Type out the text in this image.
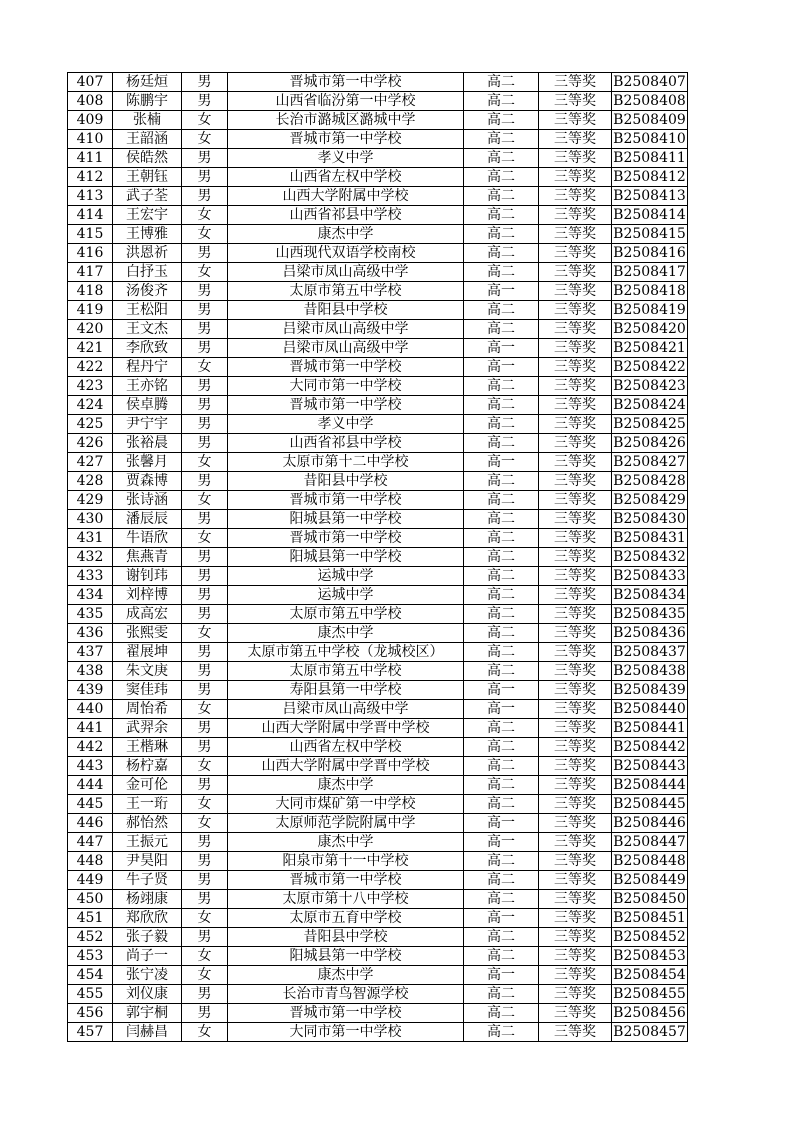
407	杨廷烜	男	晋城市第一中学校	高二	三等奖	B2508407
408	陈鹏宇	男	山西省临汾第一中学校	高二	三等奖	B2508408
409	张楠	女	长治市潞城区潞城中学	高二	三等奖	B2508409
410	王韶涵	女	晋城市第一中学校	高二	三等奖	B2508410
411	侯皓然	男	孝义中学	高二	三等奖	B2508411
412	王朝钰	男	山西省左权中学校	高二	三等奖	B2508412
413	武子荃	男	山西大学附属中学校	高二	三等奖	B2508413
414	王宏宇	女	山西省祁县中学校	高二	三等奖	B2508414
415	王博雅	女	康杰中学	高二	三等奖	B2508415
416	洪恩祈	男	山西现代双语学校南校	高二	三等奖	B2508416
417	白抒玉	女	吕梁市凤山高级中学	高二	三等奖	B2508417
418	汤俊齐	男	太原市第五中学校	高一	三等奖	B2508418
419	王松阳	男	昔阳县中学校	高二	三等奖	B2508419
420	王文杰	男	吕梁市凤山高级中学	高二	三等奖	B2508420
421	李欣致	男	吕梁市凤山高级中学	高一	三等奖	B2508421
422	程丹宁	女	晋城市第一中学校	高一	三等奖	B2508422
423	王亦铭	男	大同市第一中学校	高二	三等奖	B2508423
424	侯卓腾	男	晋城市第一中学校	高二	三等奖	B2508424
425	尹宁宇	男	孝义中学	高二	三等奖	B2508425
426	张裕晨	男	山西省祁县中学校	高二	三等奖	B2508426
427	张馨月	女	太原市第十二中学校	高一	三等奖	B2508427
428	贾森博	男	昔阳县中学校	高二	三等奖	B2508428
429	张诗涵	女	晋城市第一中学校	高二	三等奖	B2508429
430	潘辰辰	男	阳城县第一中学校	高二	三等奖	B2508430
431	牛语欣	女	晋城市第一中学校	高二	三等奖	B2508431
432	焦燕青	男	阳城县第一中学校	高二	三等奖	B2508432
433	谢钊玮	男	运城中学	高二	三等奖	B2508433
434	刘梓博	男	运城中学	高二	三等奖	B2508434
435	成高宏	男	太原市第五中学校	高二	三等奖	B2508435
436	张熙雯	女	康杰中学	高二	三等奖	B2508436
437	翟展坤	男	太原市第五中学校（龙城校区）	高二	三等奖	B2508437
438	朱文庚	男	太原市第五中学校	高二	三等奖	B2508438
439	窦佳玮	男	寿阳县第一中学校	高一	三等奖	B2508439
440	周怡希	女	吕梁市凤山高级中学	高一	三等奖	B2508440
441	武羿余	男	山西大学附属中学晋中学校	高二	三等奖	B2508441
442	王楷琳	男	山西省左权中学校	高二	三等奖	B2508442
443	杨柠嘉	女	山西大学附属中学晋中学校	高二	三等奖	B2508443
444	金可伦	男	康杰中学	高二	三等奖	B2508444
445	王一珩	女	大同市煤矿第一中学校	高二	三等奖	B2508445
446	郝怡然	女	太原师范学院附属中学	高一	三等奖	B2508446
447	王振元	男	康杰中学	高一	三等奖	B2508447
448	尹昊阳	男	阳泉市第十一中学校	高二	三等奖	B2508448
449	牛子贤	男	晋城市第一中学校	高二	三等奖	B2508449
450	杨翊康	男	太原市第十八中学校	高二	三等奖	B2508450
451	郑欣欣	女	太原市五育中学校	高一	三等奖	B2508451
452	张子毅	男	昔阳县中学校	高二	三等奖	B2508452
453	尚子一	女	阳城县第一中学校	高二	三等奖	B2508453
454	张宁凌	女	康杰中学	高一	三等奖	B2508454
455	刘仪康	男	长治市青鸟智源学校	高二	三等奖	B2508455
456	郭宇桐	男	晋城市第一中学校	高二	三等奖	B2508456
457	闫赫昌	女	大同市第一中学校	高二	三等奖	B2508457
